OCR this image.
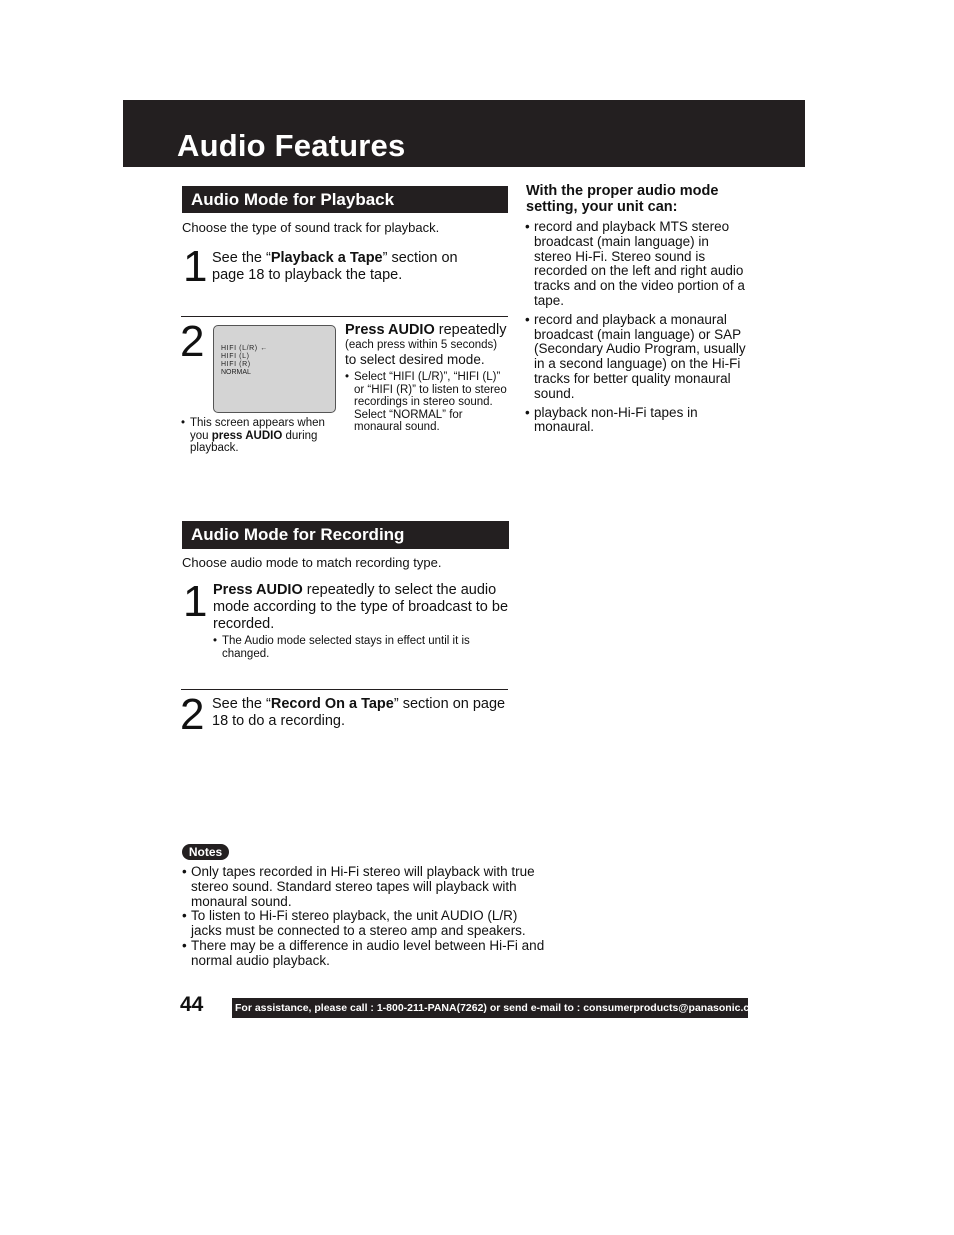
Audio Features
Audio Mode for Playback
Choose the type of sound track for playback.
1 See the “Playback a Tape” section on page 18 to playback the tape.
2 HIFI (L/R) ←
HIFI (L)
HIFI (R)
NORMAL
• This screen appears when you press AUDIO during playback.
Press AUDIO repeatedly
(each press within 5 seconds)
to select desired mode.
• Select “HIFI (L/R)”, “HIFI (L)” or “HIFI (R)” to listen to stereo recordings in stereo sound. Select “NORMAL” for monaural sound.
With the proper audio mode setting, your unit can:
• record and playback MTS stereo broadcast (main language) in stereo Hi-Fi. Stereo sound is recorded on the left and right audio tracks and on the video portion of a tape.
• record and playback a monaural broadcast (main language) or SAP (Secondary Audio Program, usually in a second language) on the Hi-Fi tracks for better quality monaural sound.
• playback non-Hi-Fi tapes in monaural.
Audio Mode for Recording
Choose audio mode to match recording type.
1 Press AUDIO repeatedly to select the audio mode according to the type of broadcast to be recorded.
• The Audio mode selected stays in effect until it is changed.
2 See the “Record On a Tape” section on page 18 to do a recording.
Notes
• Only tapes recorded in Hi-Fi stereo will playback with true stereo sound. Standard stereo tapes will playback with monaural sound.
• To listen to Hi-Fi stereo playback, the unit AUDIO (L/R) jacks must be connected to a stereo amp and speakers.
• There may be a difference in audio level between Hi-Fi and normal audio playback.
44	For assistance, please call : 1-800-211-PANA(7262) or send e-mail to : consumerproducts@panasonic.com
